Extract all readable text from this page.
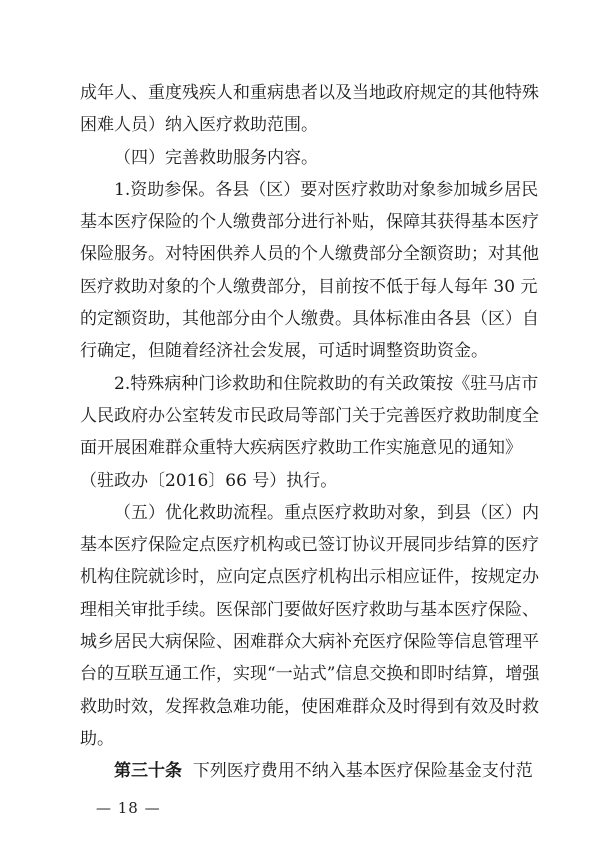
成年人、重度残疾人和重病患者以及当地政府规定的其他特殊困难人员）纳入医疗救助范围。

（四）完善救助服务内容。

1.资助参保。各县（区）要对医疗救助对象参加城乡居民基本医疗保险的个人缴费部分进行补贴，保障其获得基本医疗保险服务。对特困供养人员的个人缴费部分全额资助；对其他医疗救助对象的个人缴费部分，目前按不低于每人每年 30 元的定额资助，其他部分由个人缴费。具体标准由各县（区）自行确定，但随着经济社会发展，可适时调整资助资金。

2.特殊病种门诊救助和住院救助的有关政策按《驻马店市人民政府办公室转发市民政局等部门关于完善医疗救助制度全面开展困难群众重特大疾病医疗救助工作实施意见的通知》（驻政办〔2016〕66 号）执行。

（五）优化救助流程。重点医疗救助对象，到县（区）内基本医疗保险定点医疗机构或已签订协议开展同步结算的医疗机构住院就诊时，应向定点医疗机构出示相应证件，按规定办理相关审批手续。医保部门要做好医疗救助与基本医疗保险、城乡居民大病保险、困难群众大病补充医疗保险等信息管理平台的互联互通工作，实现“一站式”信息交换和即时结算，增强救助时效，发挥救急难功能，使困难群众及时得到有效及时救助。

第三十条 下列医疗费用不纳入基本医疗保险基金支付范

— 18 —
